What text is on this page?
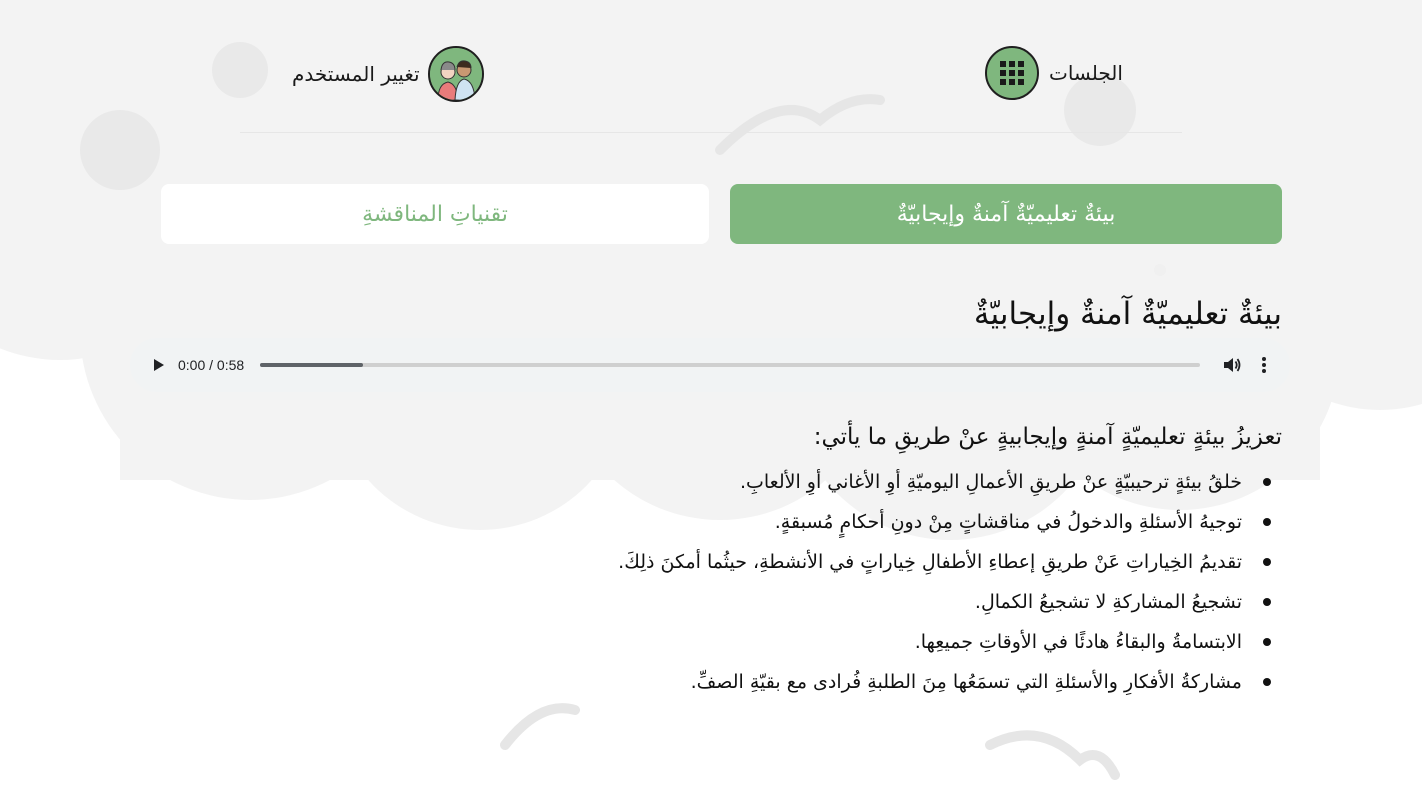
الجلسات
تغيير المستخدم
بيئةٌ تعليميّةٌ آمنةٌ وإيجابيّةٌ
تقنياتِ المناقشةِ
بيئةٌ تعليميّةٌ آمنةٌ وإيجابيّةٌ
0:00 / 0:58

تعزيزُ بيئةٍ تعليميّةٍ آمنةٍ وإيجابيةٍ عنْ طريقِ ما يأتي:

خلقُ بيئةٍ ترحيبيّةٍ عنْ طريقِ الأعمالِ اليوميّةِ أوِ الأغاني أوِ الألعابِ.
توجيهُ الأسئلةِ والدخولُ في مناقشاتٍ مِنْ دونِ أحكامٍ مُسبقةٍ.
تقديمُ الخِياراتِ عَنْ طريقِ إعطاءِ الأطفالِ خِياراتٍ في الأنشطةِ، حيثُما أمكنَ ذلِكَ.
تشجيعُ المشاركةِ لا تشجيعُ الكمالِ.
الابتسامةُ والبقاءُ هادئًا في الأوقاتِ جميعِها.
مشاركةُ الأفكارِ والأسئلةِ التي تسمَعُها مِنَ الطلبةِ فُرادى مع بقيّةِ الصفِّ.
